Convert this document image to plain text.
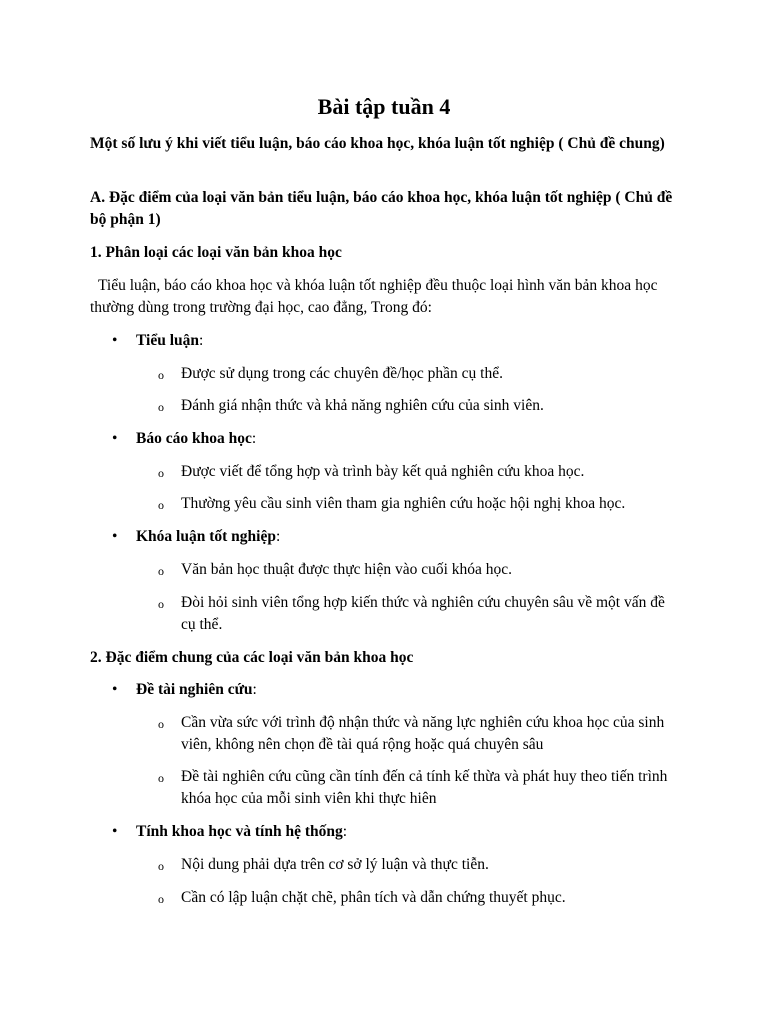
Bài tập tuần 4
Một số lưu ý khi viết tiểu luận, báo cáo khoa học, khóa luận tốt nghiệp ( Chủ đề chung)
A. Đặc điểm của loại văn bản tiểu luận, báo cáo khoa học, khóa luận tốt nghiệp ( Chủ đề bộ phận 1)
1. Phân loại các loại văn bản khoa học
Tiểu luận, báo cáo khoa học và khóa luận tốt nghiệp đều thuộc loại hình văn bản khoa học thường dùng trong trường đại học, cao đẳng, Trong đó:
•	Tiểu luận:
o Được sử dụng trong các chuyên đề/học phần cụ thể.
o Đánh giá nhận thức và khả năng nghiên cứu của sinh viên.
•	Báo cáo khoa học:
o Được viết để tổng hợp và trình bày kết quả nghiên cứu khoa học.
o Thường yêu cầu sinh viên tham gia nghiên cứu hoặc hội nghị khoa học.
•	Khóa luận tốt nghiệp:
o Văn bản học thuật được thực hiện vào cuối khóa học.
o Đòi hỏi sinh viên tổng hợp kiến thức và nghiên cứu chuyên sâu về một vấn đề cụ thể.
2. Đặc điểm chung của các loại văn bản khoa học
•	Đề tài nghiên cứu:
o Cần vừa sức với trình độ nhận thức và năng lực nghiên cứu khoa học của sinh viên, không nên chọn đề tài quá rộng hoặc quá chuyên sâu
o Đề tài nghiên cứu cũng cần tính đến cả tính kế thừa và phát huy theo tiến trình khóa học của mỗi sinh viên khi thực hiên
•	Tính khoa học và tính hệ thống:
o Nội dung phải dựa trên cơ sở lý luận và thực tiễn.
o Cần có lập luận chặt chẽ, phân tích và dẫn chứng thuyết phục.
